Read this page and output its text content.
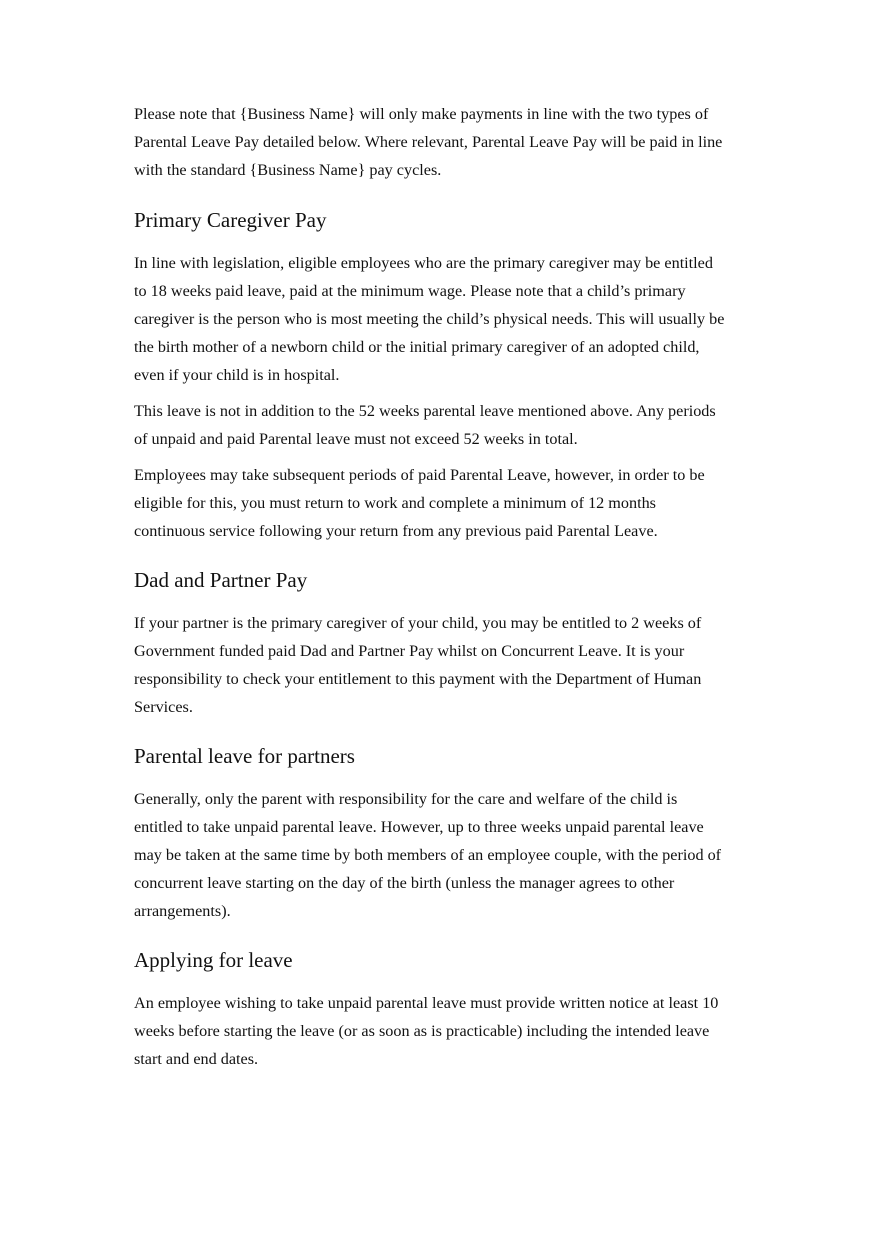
Please note that {Business Name} will only make payments in line with the two types of Parental Leave Pay detailed below. Where relevant, Parental Leave Pay will be paid in line with the standard {Business Name} pay cycles.

Primary Caregiver Pay

In line with legislation, eligible employees who are the primary caregiver may be entitled to 18 weeks paid leave, paid at the minimum wage. Please note that a child’s primary caregiver is the person who is most meeting the child’s physical needs. This will usually be the birth mother of a newborn child or the initial primary caregiver of an adopted child, even if your child is in hospital.

This leave is not in addition to the 52 weeks parental leave mentioned above. Any periods of unpaid and paid Parental leave must not exceed 52 weeks in total.

Employees may take subsequent periods of paid Parental Leave, however, in order to be eligible for this, you must return to work and complete a minimum of 12 months continuous service following your return from any previous paid Parental Leave.

Dad and Partner Pay

If your partner is the primary caregiver of your child, you may be entitled to 2 weeks of Government funded paid Dad and Partner Pay whilst on Concurrent Leave. It is your responsibility to check your entitlement to this payment with the Department of Human Services.

Parental leave for partners

Generally, only the parent with responsibility for the care and welfare of the child is entitled to take unpaid parental leave. However, up to three weeks unpaid parental leave may be taken at the same time by both members of an employee couple, with the period of concurrent leave starting on the day of the birth (unless the manager agrees to other arrangements).

Applying for leave

An employee wishing to take unpaid parental leave must provide written notice at least 10 weeks before starting the leave (or as soon as is practicable) including the intended leave start and end dates.
